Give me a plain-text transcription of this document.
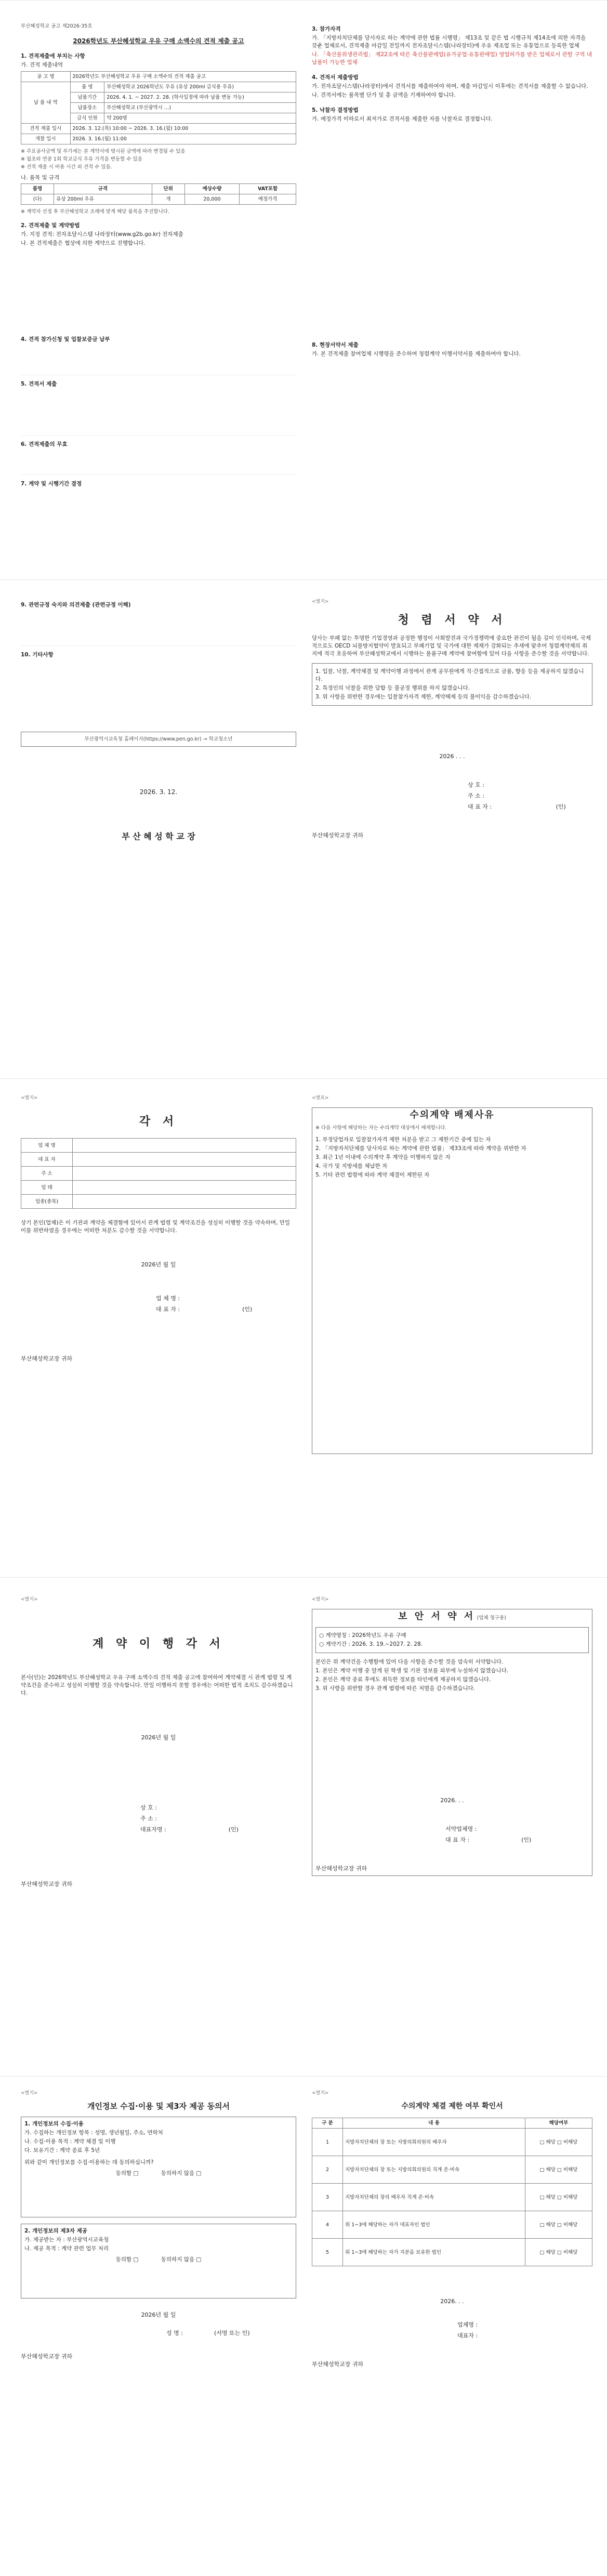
부산혜성학교 공고 제2026-35호
2026학년도 부산혜성학교 우유 구매 소액수의 견적 제출 공고
1. 견적제출에 부치는 사항
가. 견적 제출내역
공 고 명	2026학년도 부산혜성학교 우유 구매 소액수의 견적 제출 공고	
납 품 내 역	품 명	부산혜성학교 2026학년도 우유 (유상 200ml 급식용 우유)
	납품기간	2026. 4. 1. ~ 2027. 2. 28. (학사일정에 따라 납품 변동 가능)
	납품장소	부산혜성학교 (부산광역시 …)
	급식 인원	약 200명
견적 제출 일시	2026. 3. 12.(목) 10:00 ~ 2026. 3. 16.(월) 10:00	
개찰 일시	2026. 3. 16.(월) 11:00	
※ 주요공사금액 및 부가세는 본 계약서에 명시된 금액에 따라 변경될 수 있음
※ 월초와 연중 1회 학교급식 우유 가격을 변동할 수 있음
※ 견적 제출 시 비용 시간 외 견적 수 있음.
나. 품목 및 규격
품명	규격	단위	예상수량	VAT포함
(다)	유상 200ml 우유	개	20,000	예정가격
※ 계약자 선정 후 부산혜성학교 조례에 맞게 해당 품목을 추진합니다.
2. 견적제출 및 계약방법
가. 지정 견적: 전자조달시스템 나라장터(www.g2b.go.kr) 전자제출
나. 본 견적제출은 협상에 의한 계약으로 진행합니다.
4. 견적 참가신청 및 업찰보증금 납부
5. 견적서 제출
6. 견적제출의 무효
7. 계약 및 시행기간 결정
3. 참가자격
가. 「지방자치단체를 당사자로 하는 계약에 관한 법률 시행령」 제13조 및 같은 법 시행규칙 제14조에 의한 자격을 갖춘 업체로서, 견적제출 마감일 전일까지 전자조달시스템(나라장터)에 우유 제조업 또는 유통업으로 등록한 업체
나. 「축산물위생관리법」 제22조에 따른 축산물판매업(유가공업·유통판매업) 영업허가를 받은 업체로서 관할 구역 내 납품이 가능한 업체
4. 견적서 제출방법
가. 전자조달시스템(나라장터)에서 견적서를 제출하여야 하며, 제출 마감일시 이후에는 견적서를 제출할 수 없습니다.
나. 견적서에는 품목별 단가 및 총 금액을 기재하여야 합니다.
5. 낙찰자 결정방법
가. 예정가격 이하로서 최저가로 견적서를 제출한 자를 낙찰자로 결정합니다.
8. 현장서약서 제출
가. 본 견적제출 참여업체 시행령을 준수하여 청렴계약 이행서약서를 제출하여야 합니다.
9. 관련규정 숙지와 의견제출 (관련규정 이해)
10. 기타사항
부산광역시교육청 홈페이지(https://www.pen.go.kr) → 학교청소년
2026. 3. 12.
부 산 혜 성 학 교 장
<별지>
청 렴 서 약 서
당사는 부패 없는 투명한 기업경영과 공정한 행정이 사회발전과 국가경쟁력에 중요한 관건이 됨을 깊이 인식하며, 국제적으로도 OECD 뇌물방지협약이 발효되고 부패기업 및 국가에 대한 제재가 강화되는 추세에 맞추어 청렴계약제의 취지에 적극 호응하여 부산혜성학교에서 시행하는 물품구매 계약에 참여함에 있어 다음 사항을 준수할 것을 서약합니다.
1. 입찰, 낙찰, 계약체결 및 계약이행 과정에서 관계 공무원에게 직·간접적으로 금품, 향응 등을 제공하지 않겠습니다.
2. 특정인의 낙찰을 위한 담합 등 불공정 행위를 하지 않겠습니다.
3. 위 사항을 위반한 경우에는 입찰참가자격 제한, 계약해제 등의 불이익을 감수하겠습니다.
2026 . . .
상 호 :
주 소 :
대 표 자 :	(인)
부산혜성학교장 귀하
<별지>
각 서
업 체 명	
대 표 자	
주 소	
업 태	
업종(종목)	
상기 본인(업체)은 이 기관과 계약을 체결함에 있어서 관계 법령 및 계약조건을 성실히 이행할 것을 약속하며, 만일 이를 위반하였을 경우에는 어떠한 처분도 감수할 것을 서약합니다.
2026년 월 일
업 체 명 :
대 표 자 :	(인)
부산혜성학교장 귀하
<별표>
수의계약 배제사유
※ 다음 사항에 해당하는 자는 수의계약 대상에서 배제합니다.
1. 부정당업자로 입찰참가자격 제한 처분을 받고 그 제한기간 중에 있는 자
2. 「지방자치단체를 당사자로 하는 계약에 관한 법률」 제33조에 따라 계약을 위반한 자
3. 최근 1년 이내에 수의계약 후 계약을 이행하지 않은 자
4. 국가 및 지방세를 체납한 자
5. 기타 관련 법령에 따라 계약 체결이 제한된 자
<별지>
계 약 이 행 각 서
본사(인)는 2026학년도 부산혜성학교 우유 구매 소액수의 견적 제출 공고에 참여하여 계약체결 시 관계 법령 및 계약조건을 준수하고 성실히 이행할 것을 약속합니다. 만일 이행하지 못할 경우에는 어떠한 법적 조치도 감수하겠습니다.
2026년 월 일
상 호 :
주 소 :
대표자명 :	(인)
부산혜성학교장 귀하
<별지>
보 안 서 약 서 (업체 청구용)
○ 계약명칭 : 2026학년도 우유 구매
○ 계약기간 : 2026. 3. 19.~2027. 2. 28.
본인은 위 계약건을 수행함에 있어 다음 사항을 준수할 것을 엄숙히 서약합니다.
1. 본인은 계약 이행 중 알게 된 학생 및 기관 정보를 외부에 누설하지 않겠습니다.
2. 본인은 계약 종료 후에도 취득한 정보를 타인에게 제공하지 않겠습니다.
3. 위 사항을 위반할 경우 관계 법령에 따른 처벌을 감수하겠습니다.
2026. . .
서약업체명 :
대 표 자 :	(인)
부산혜성학교장 귀하
<별지>
개인정보 수집·이용 및 제3자 제공 동의서
1. 개인정보의 수집·이용
가. 수집하는 개인정보 항목 : 성명, 생년월일, 주소, 연락처
나. 수집·이용 목적 : 계약 체결 및 이행
다. 보유기간 : 계약 종료 후 5년
위와 같이 개인정보를 수집·이용하는 데 동의하십니까?
동의함 □	동의하지 않음 □
2. 개인정보의 제3자 제공
가. 제공받는 자 : 부산광역시교육청
나. 제공 목적 : 계약 관련 업무 처리
동의함 □	동의하지 않음 □
2026년 월 일
성 명 :	(서명 또는 인)
부산혜성학교장 귀하
<별지>
수의계약 체결 제한 여부 확인서
구 분	내 용	해당여부
1	지방자치단체의 장 또는 지방의회의원의 배우자	□ 해당 □ 비해당
2	지방자치단체의 장 또는 지방의회의원의 직계 존·비속	□ 해당 □ 비해당
3	지방자치단체의 장의 배우자 직계 존·비속	□ 해당 □ 비해당
4	위 1~3에 해당하는 자가 대표자인 법인	□ 해당 □ 비해당
5	위 1~3에 해당하는 자가 지분을 보유한 법인	□ 해당 □ 비해당
2026. . .
업체명 :
대표자 :
부산혜성학교장 귀하
